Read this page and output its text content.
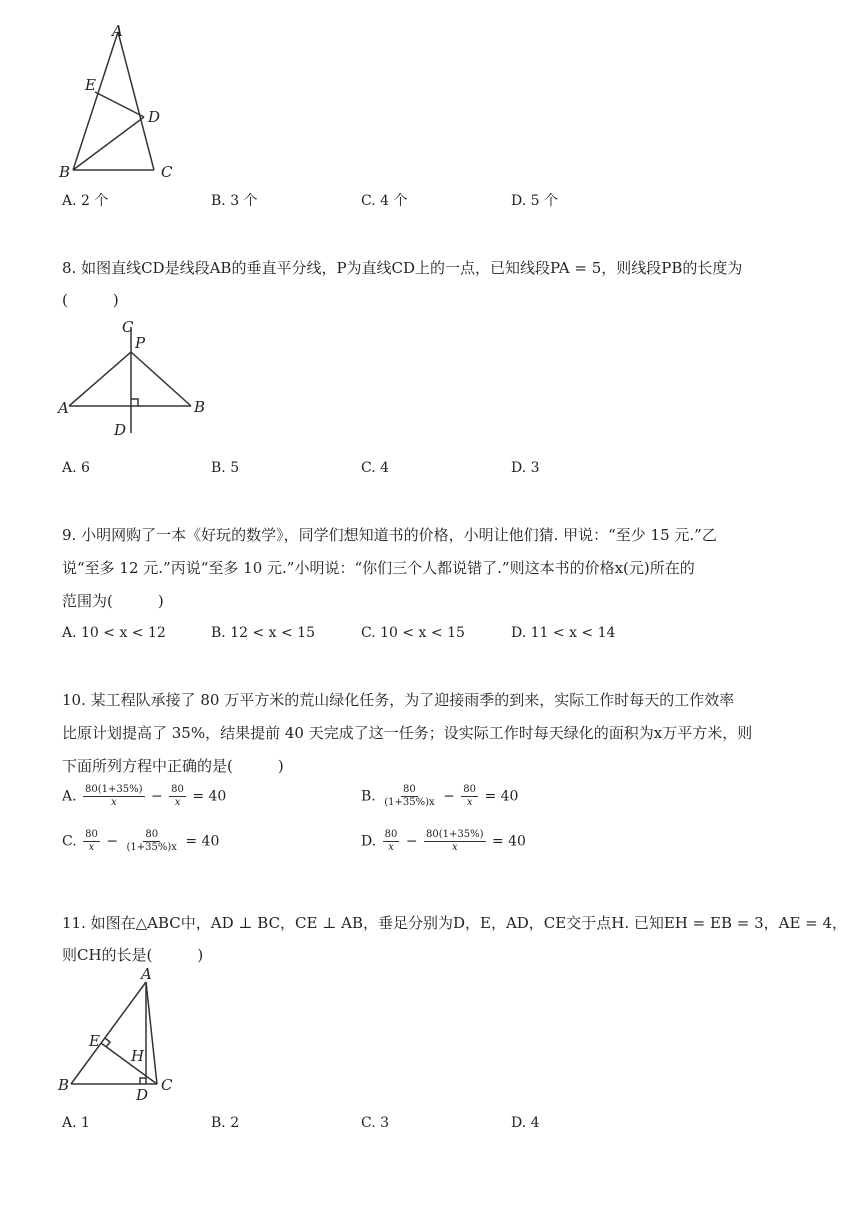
A
E
D
B	C
A. 2 个	B. 3 个	C. 4 个	D. 5 个
8. 如图直线CD是线段AB的垂直平分线，P为直线CD上的一点，已知线段PA = 5，则线段PB的长度为
(　　　)
C
P
A	B
D
A. 6	B. 5	C. 4	D. 3
9. 小明网购了一本《好玩的数学》，同学们想知道书的价格，小明让他们猜. 甲说：“至少 15 元.”乙
说“至多 12 元.”丙说“至多 10 元.”小明说：“你们三个人都说错了.”则这本书的价格x(元)所在的
范围为(　　　)
A. 10 < x < 12	B. 12 < x < 15	C. 10 < x < 15	D. 11 < x < 14
10. 某工程队承接了 80 万平方米的荒山绿化任务，为了迎接雨季的到来，实际工作时每天的工作效率
比原计划提高了 35%，结果提前 40 天完成了这一任务；设实际工作时每天绿化的面积为x万平方米，则
下面所列方程中正确的是(　　　)
A. $\frac{80(1+35\%)}{x} - \frac{80}{x} = 40$	B. $\frac{80}{(1+35\%)x} - \frac{80}{x} = 40$
C. $\frac{80}{x} - \frac{80}{(1+35\%)x} = 40$	D. $\frac{80}{x} - \frac{80(1+35\%)}{x} = 40$
11. 如图在△ABC中，AD ⊥ BC，CE ⊥ AB，垂足分别为D，E，AD，CE交于点H. 已知EH = EB = 3，AE = 4，
则CH的长是(　　　)
A
E
H
B
D
C
A. 1	B. 2	C. 3	D. 4
